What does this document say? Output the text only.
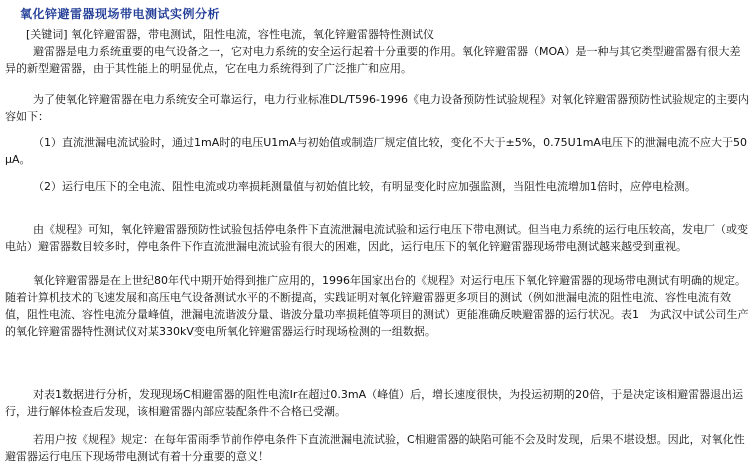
氧化锌避雷器现场带电测试实例分析
[关键词] 氧化锌避雷器，带电测试，阻性电流，容性电流，氧化锌避雷器特性测试仪
避雷器是电力系统重要的电气设备之一，它对电力系统的安全运行起着十分重要的作用。氧化锌避雷器（MOA）是一种与其它类型避雷器有很大差异的新型避雷器，由于其性能上的明显优点，它在电力系统得到了广泛推广和应用。
为了使氧化锌避雷器在电力系统安全可靠运行，电力行业标准DL/T596-1996《电力设备预防性试验规程》对氧化锌避雷器预防性试验规定的主要内容如下：
（1）直流泄漏电流试验时，通过1mA时的电压U1mA与初始值或制造厂规定值比较，变化不大于±5%，0.75U1mA电压下的泄漏电流不应大于50μA。
（2）运行电压下的全电流、阻性电流或功率损耗测量值与初始值比较，有明显变化时应加强监测，当阻性电流增加1倍时，应停电检测。
由《规程》可知，氧化锌避雷器预防性试验包括停电条件下直流泄漏电流试验和运行电压下带电测试。但当电力系统的运行电压较高，发电厂（或变电站）避雷器数目较多时，停电条件下作直流泄漏电流试验有很大的困难，因此，运行电压下的氧化锌避雷器现场带电测试越来越受到重视。
氧化锌避雷器是在上世纪80年代中期开始得到推广应用的，1996年国家出台的《规程》对运行电压下氧化锌避雷器的现场带电测试有明确的规定。随着计算机技术的飞速发展和高压电气设备测试水平的不断提高，实践证明对氧化锌避雷器更多项目的测试（例如泄漏电流的阻性电流、容性电流有效值，阻性电流、容性电流分量峰值，泄漏电流谐波分量、谐波分量功率损耗值等项目的测试）更能准确反映避雷器的运行状况。表1   为武汉中试公司生产的氧化锌避雷器特性测试仪对某330kV变电所氧化锌避雷器运行时现场检测的一组数据。
对表1数据进行分析，发现现场C相避雷器的阻性电流Ir在超过0.3mA（峰值）后，增长速度很快，为投运初期的20倍，于是决定该相避雷器退出运行，进行解体检查后发现，该相避雷器内部应装配条件不合格已受潮。
若用户按《规程》规定：在每年雷雨季节前作停电条件下直流泄漏电流试验，C相避雷器的缺陷可能不会及时发现，后果不堪设想。因此，对氧化性避雷器运行电压下现场带电测试有着十分重要的意义！
